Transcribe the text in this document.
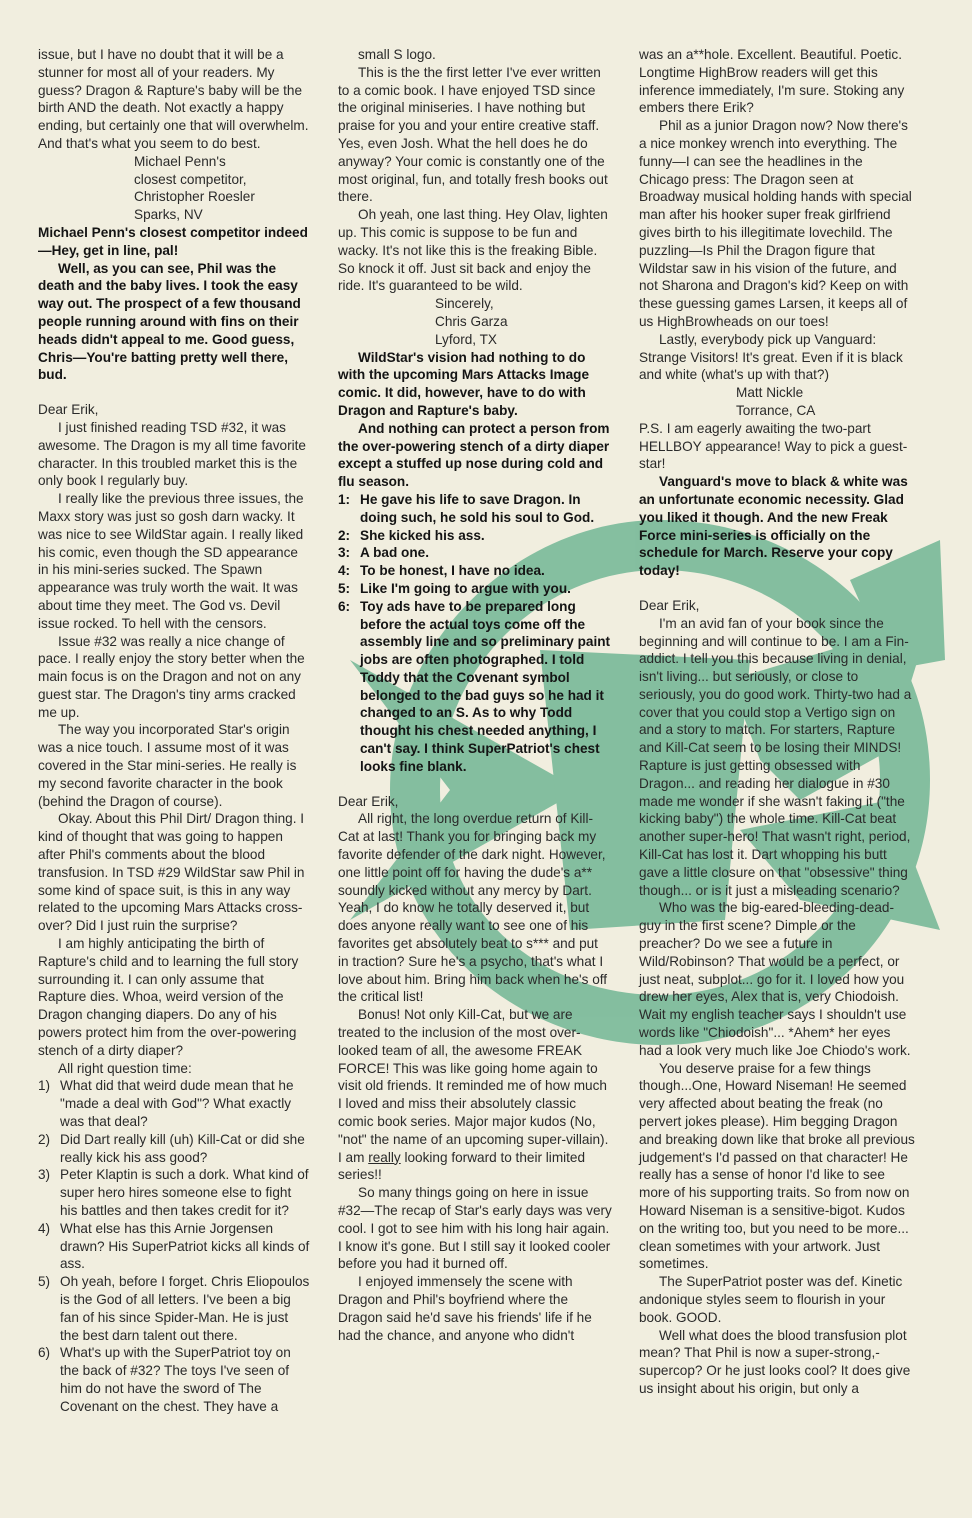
issue, but I have no doubt that it will be a stunner for most all of your readers. My guess? Dragon & Rapture's baby will be the birth AND the death. Not exactly a happy ending, but certainly one that will overwhelm. And that's what you seem to do best.

Michael Penn's
closest competitor,
Christopher Roesler
Sparks, NV

Michael Penn's closest competitor indeed—Hey, get in line, pal!

Well, as you can see, Phil was the death and the baby lives. I took the easy way out. The prospect of a few thousand people running around with fins on their heads didn't appeal to me. Good guess, Chris—You're batting pretty well there, bud.

Dear Erik,

I just finished reading TSD #32, it was awesome. The Dragon is my all time favorite character. In this troubled market this is the only book I regularly buy.

I really like the previous three issues, the Maxx story was just so gosh darn wacky. It was nice to see WildStar again. I really liked his comic, even though the SD appearance in his mini-series sucked. The Spawn appearance was truly worth the wait. It was about time they meet. The God vs. Devil issue rocked. To hell with the censors.

Issue #32 was really a nice change of pace. I really enjoy the story better when the main focus is on the Dragon and not on any guest star. The Dragon's tiny arms cracked me up.

The way you incorporated Star's origin was a nice touch. I assume most of it was covered in the Star mini-series. He really is my second favorite character in the book (behind the Dragon of course).

Okay. About this Phil Dirt/ Dragon thing. I kind of thought that was going to happen after Phil's comments about the blood transfusion. In TSD #29 WildStar saw Phil in some kind of space suit, is this in any way related to the upcoming Mars Attacks cross-over? Did I just ruin the surprise?

I am highly anticipating the birth of Rapture's child and to learning the full story surrounding it. I can only assume that Rapture dies. Whoa, weird version of the Dragon changing diapers. Do any of his powers protect him from the over-powering stench of a dirty diaper?

All right question time:

1) What did that weird dude mean that he "made a deal with God"? What exactly was that deal?
2) Did Dart really kill (uh) Kill-Cat or did she really kick his ass good?
3) Peter Klaptin is such a dork. What kind of super hero hires someone else to fight his battles and then takes credit for it?
4) What else has this Arnie Jorgensen drawn? His SuperPatriot kicks all kinds of ass.
5) Oh yeah, before I forget. Chris Eliopoulos is the God of all letters. I've been a big fan of his since Spider-Man. He is just the best darn talent out there.
6) What's up with the SuperPatriot toy on the back of #32? The toys I've seen of him do not have the sword of The Covenant on the chest. They have a

small S logo.

This is the the first letter I've ever written to a comic book. I have enjoyed TSD since the original miniseries. I have nothing but praise for you and your entire creative staff. Yes, even Josh. What the hell does he do anyway? Your comic is constantly one of the most original, fun, and totally fresh books out there.

Oh yeah, one last thing. Hey Olav, lighten up. This comic is suppose to be fun and wacky. It's not like this is the freaking Bible. So knock it off. Just sit back and enjoy the ride. It's guaranteed to be wild.

Sincerely,
Chris Garza
Lyford, TX

WildStar's vision had nothing to do with the upcoming Mars Attacks Image comic. It did, however, have to do with Dragon and Rapture's baby.

And nothing can protect a person from the over-powering stench of a dirty diaper except a stuffed up nose during cold and flu season.

1: He gave his life to save Dragon. In doing such, he sold his soul to God.
2: She kicked his ass.
3: A bad one.
4: To be honest, I have no idea.
5: Like I'm going to argue with you.
6: Toy ads have to be prepared long before the actual toys come off the assembly line and so preliminary paint jobs are often photographed. I told Toddy that the Covenant symbol belonged to the bad guys so he had it changed to an S. As to why Todd thought his chest needed anything, I can't say. I think SuperPatriot's chest looks fine blank.

Dear Erik,

All right, the long overdue return of Kill-Cat at last! Thank you for bringing back my favorite defender of the dark night. However, one little point off for having the dude's a** soundly kicked without any mercy by Dart. Yeah, I do know he totally deserved it, but does anyone really want to see one of his favorites get absolutely beat to s*** and put in traction? Sure he's a psycho, that's what I love about him. Bring him back when he's off the critical list!

Bonus! Not only Kill-Cat, but we are treated to the inclusion of the most over-looked team of all, the awesome FREAK FORCE! This was like going home again to visit old friends. It reminded me of how much I loved and miss their absolutely classic comic book series. Major major kudos (No, "not" the name of an upcoming super-villain). I am really looking forward to their limited series!!

So many things going on here in issue #32—The recap of Star's early days was very cool. I got to see him with his long hair again. I know it's gone. But I still say it looked cooler before you had it burned off.

I enjoyed immensely the scene with Dragon and Phil's boyfriend where the Dragon said he'd save his friends' life if he had the chance, and anyone who didn't

was an a**hole. Excellent. Beautiful. Poetic. Longtime HighBrow readers will get this inference immediately, I'm sure. Stoking any embers there Erik?

Phil as a junior Dragon now? Now there's a nice monkey wrench into everything. The funny—I can see the headlines in the Chicago press: The Dragon seen at Broadway musical holding hands with special man after his hooker super freak girlfriend gives birth to his illegitimate lovechild. The puzzling—Is Phil the Dragon figure that Wildstar saw in his vision of the future, and not Sharona and Dragon's kid? Keep on with these guessing games Larsen, it keeps all of us HighBrowheads on our toes!

Lastly, everybody pick up Vanguard: Strange Visitors! It's great. Even if it is black and white (what's up with that?)

Matt Nickle
Torrance, CA

P.S. I am eagerly awaiting the two-part HELLBOY appearance! Way to pick a guest-star!

Vanguard's move to black & white was an unfortunate economic necessity. Glad you liked it though. And the new Freak Force mini-series is officially on the schedule for March. Reserve your copy today!

Dear Erik,

I'm an avid fan of your book since the beginning and will continue to be. I am a Fin-addict. I tell you this because living in denial, isn't living... but seriously, or close to seriously, you do good work. Thirty-two had a cover that you could stop a Vertigo sign on and a story to match. For starters, Rapture and Kill-Cat seem to be losing their MINDS! Rapture is just getting obsessed with Dragon... and reading her dialogue in #30 made me wonder if she wasn't faking it ("the kicking baby") the whole time. Kill-Cat beat another super-hero! That wasn't right, period, Kill-Cat has lost it. Dart whopping his butt gave a little closure on that "obsessive" thing though... or is it just a misleading scenario?

Who was the big-eared-bleeding-dead-guy in the first scene? Dimple or the preacher? Do we see a future in Wild/Robinson? That would be a perfect, or just neat, subplot... go for it. I loved how you drew her eyes, Alex that is, very Chiodoish. Wait my english teacher says I shouldn't use words like "Chiodoish"... *Ahem* her eyes had a look very much like Joe Chiodo's work.

You deserve praise for a few things though...One, Howard Niseman! He seemed very affected about beating the freak (no pervert jokes please). Him begging Dragon and breaking down like that broke all previous judgement's I'd passed on that character! He really has a sense of honor I'd like to see more of his supporting traits. So from now on Howard Niseman is a sensitive-bigot. Kudos on the writing too, but you need to be more... clean sometimes with your artwork. Just sometimes.

The SuperPatriot poster was def. Kinetic andonique styles seem to flourish in your book. GOOD.

Well what does the blood transfusion plot mean? That Phil is now a super-strong,-supercop? Or he just looks cool? It does give us insight about his origin, but only a
